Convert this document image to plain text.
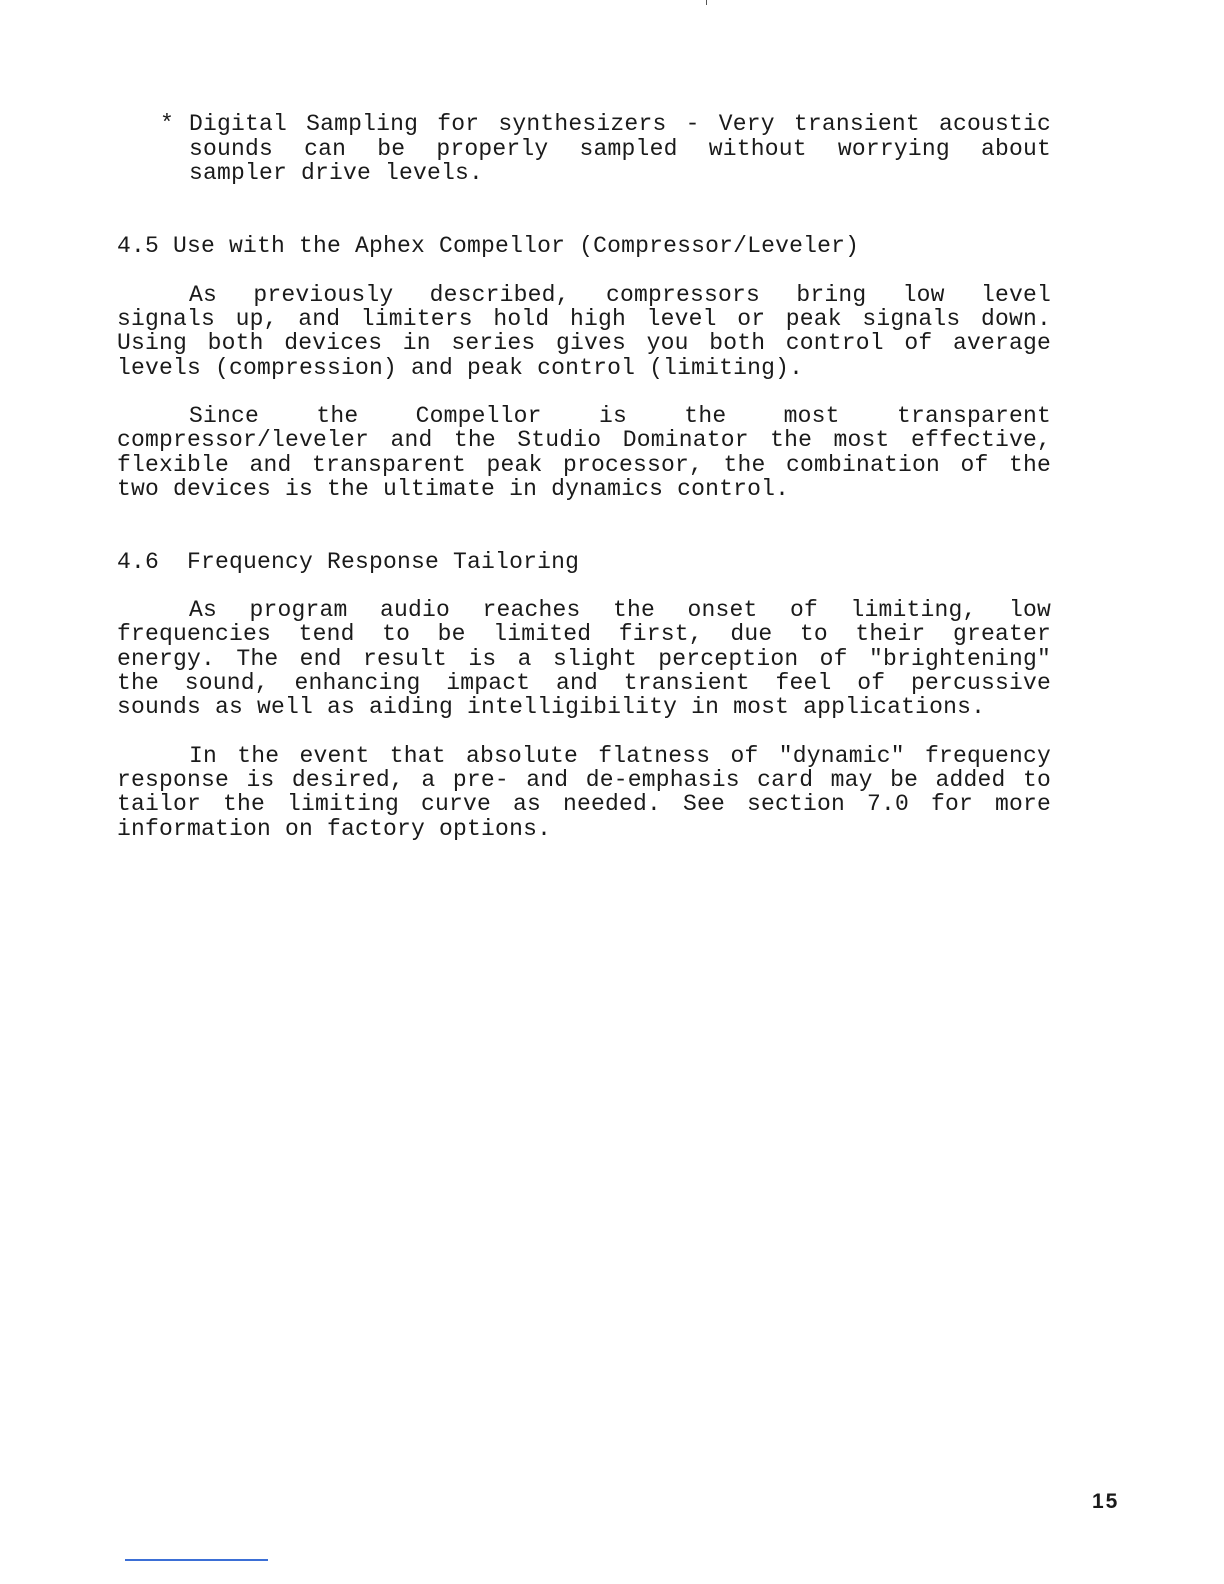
* Digital Sampling for synthesizers - Very transient acoustic
sounds can be properly sampled without worrying about
sampler drive levels.
4.5 Use with the Aphex Compellor (Compressor/Leveler)
As previously described, compressors bring low level
signals up, and limiters hold high level or peak signals down.
Using both devices in series gives you both control of average
levels (compression) and peak control (limiting).
Since the Compellor is the most transparent
compressor/leveler and the Studio Dominator the most effective,
flexible and transparent peak processor, the combination of the
two devices is the ultimate in dynamics control.
4.6  Frequency Response Tailoring
As program audio reaches the onset of limiting, low
frequencies tend to be limited first, due to their greater
energy. The end result is a slight perception of "brightening"
the sound, enhancing impact and transient feel of percussive
sounds as well as aiding intelligibility in most applications.
In the event that absolute flatness of "dynamic" frequency
response is desired, a pre- and de-emphasis card may be added to
tailor the limiting curve as needed. See section 7.0 for more
information on factory options.
15
